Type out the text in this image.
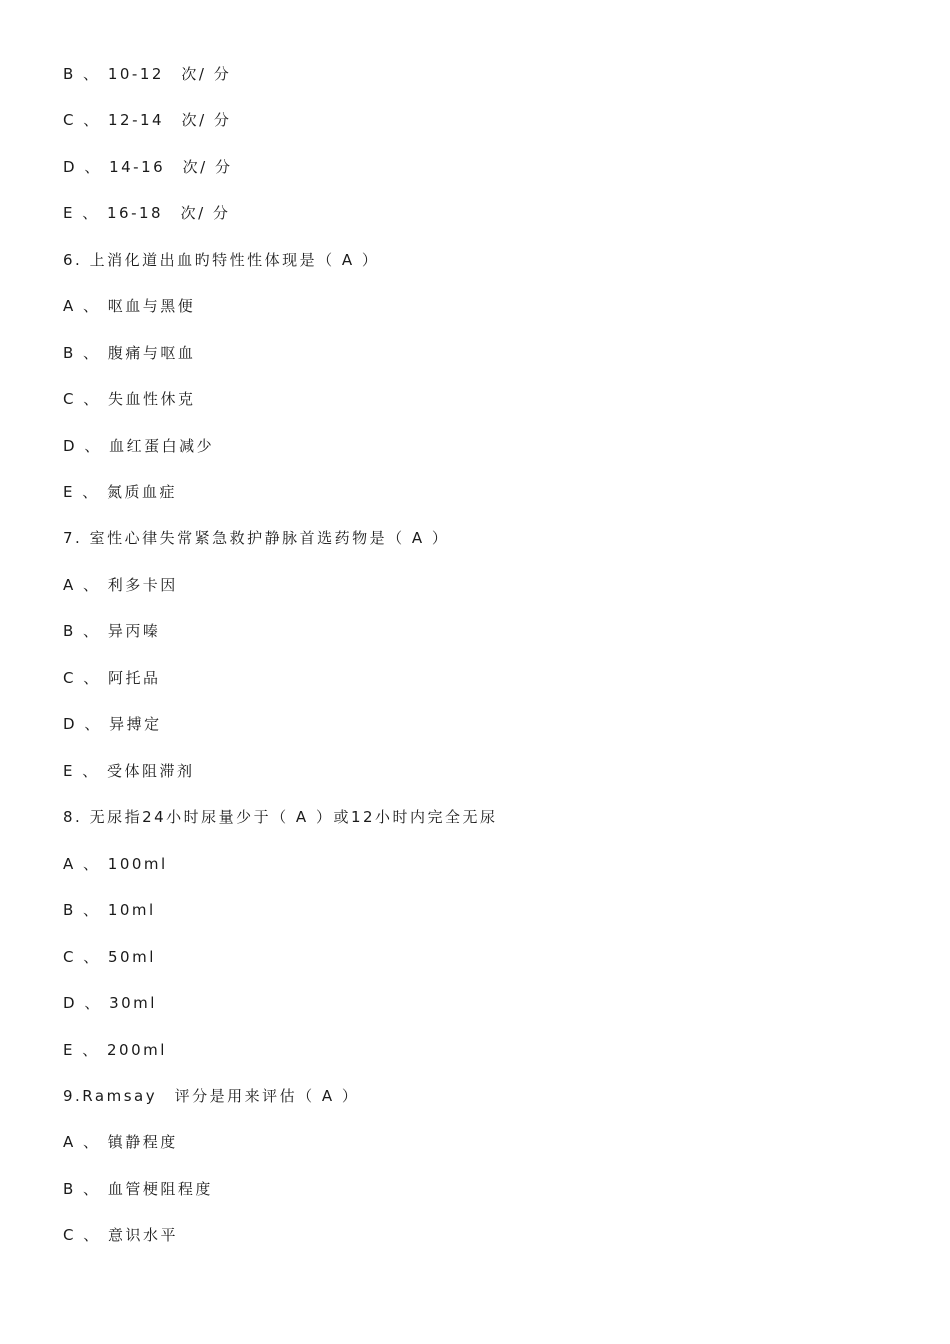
B 、 10-12　次/ 分
C 、 12-14　次/ 分
D 、 14-16　次/ 分
E 、 16-18　次/ 分
6. 上消化道出血旳特性性体现是（ A ）
A 、 呕血与黑便
B 、 腹痛与呕血
C 、 失血性休克
D 、 血红蛋白减少
E 、 氮质血症
7. 室性心律失常紧急救护静脉首选药物是（ A ）
A 、 利多卡因
B 、 异丙嗪
C 、 阿托品
D 、 异搏定
E 、 受体阻滞剂
8. 无尿指24小时尿量少于（ A ）或12小时内完全无尿
A 、 100ml
B 、 10ml
C 、 50ml
D 、 30ml
E 、 200ml
9.Ramsay　评分是用来评估（ A ）
A 、 镇静程度
B 、 血管梗阻程度
C 、 意识水平
